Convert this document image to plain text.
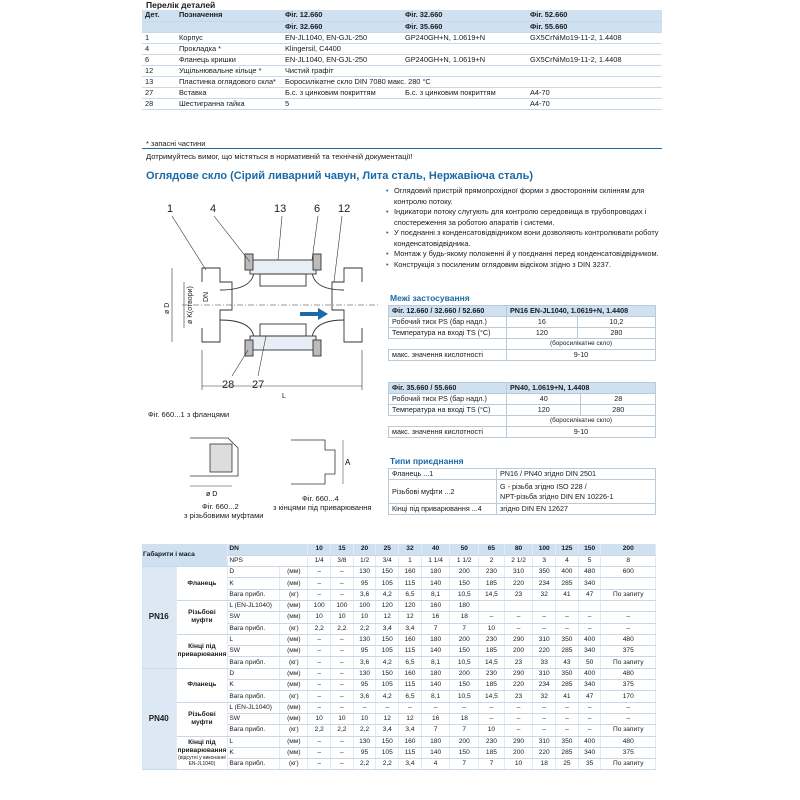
Перелік деталей
Дет.	Позначення	Фіг. 12.660	Фіг. 32.660	Фіг. 52.660
		Фіг. 32.660	Фіг. 35.660	Фіг. 55.660
1	Корпус	EN-JL1040, EN-GJL-250	GP240GH+N, 1.0619+N	GX5CrNiMo19-11-2, 1.4408
4	Прокладка *	Klingersil, C4400		
6	Фланець кришки	EN-JL1040, EN-GJL-250	GP240GH+N, 1.0619+N	GX5CrNiMo19-11-2, 1.4408
12	Ущільнювальне кільце *	Чистий графіт		
13	Пластинка оглядового скла*	Боросилікатне скло DIN 7080 макс. 280 °C		
27	Вставка	Б.с. з цинковим покриттям	Б.с. з цинковим покриттям	A4-70
28	Шестигранна гайка	5		A4-70
* запасні частини
Дотримуйтесь вимог, що містяться в нормативній та технічній документації!
Оглядове скло (Сірий ливарний чавун, Лита сталь, Нержавіюча сталь)
1	4	13	6 12
28 27
ø D ø K(отвори) DN
L
Фіг. 660...1 з фланцями
ø D
Фіг. 660...2
з різьбовими муфтами
A
Фіг. 660...4
з кінцями під приварювання
• Оглядовий пристрій прямопрохідної форми з двостороннім склінням для контролю потоку.
• Індикатори потоку слугують для контролю середовища в трубопроводах і спостереження за роботою апаратів і системи.
• У поєднанні з конденсатовідвідником вони дозволяють контролювати роботу конденсатовідвідника.
• Монтаж у будь-якому положенні й у поєднанні перед конденсатовідвідником.
• Конструкція з посиленим оглядовим відсіком згідно з DIN 3237.
Межі застосування
Фіг. 12.660 / 32.660 / 52.660	PN16 EN-JL1040, 1.0619+N, 1.4408	
Робочий тиск PS (бар надл.)	16	10,2
Температура на вході TS (°C)	120	280
	(боросилікатне скло)	
макс. значення кислотності	9-10	
Фіг. 35.660 / 55.660	PN40, 1.0619+N, 1.4408	
Робочий тиск PS (бар надл.)	40	28
Температура на вході TS (°C)	120	280
	(боросилікатне скло)	
макс. значення кислотності	9-10	
Типи приєднання
Фланець ...1	PN16 / PN40 згідно DIN 2501
Різьбові муфти ...2	G - різьба згідно ISO 228 /
NPT-різьба згідно DIN EN 10226-1

Кінці під приварювання ...4	згідно DIN EN 12627
Габарити і маса		DN		10	15	20	25	32	40	50	65	80	100	125	150	200
		NPS		1/4	3/8	1/2	3/4	1	1 1/4	1 1/2	2	2 1/2	3	4	5	8
PN16	Фланець	D	(мм)	–	–	130	150	160	180	200	230	310	350	400	480	600
		K	(мм)	–	–	95	105	115	140	150	185	220	234	285	340	
		Вага прибл.	(кг)	–	–	3,6	4,2	6,5	8,1	10,5	14,5	23	32	41	47	По запиту

	Різьбові муфти	L (EN-JL1040)	(мм)	100	100	100	120	120	160	180						
		SW	(мм)	10	10	10	12	12	16	18	–	–	–	–	–	–
		Вага прибл.	(кг)	2,2	2,2	2,2	3,4	3,4	7	7	10	–	–	–	–	–

	Кінці під приварювання	L	(мм)	–	–	130	150	160	180	200	230	290	310	350	400	480
		SW	(мм)	–	–	95	105	115	140	150	185	200	220	285	340	375
		Вага прибл.	(кг)	–	–	3,6	4,2	6,5	8,1	10,5	14,5	23	33	43	50	По запиту
PN40	Фланець	D	(мм)	–	–	130	150	160	180	200	230	290	310	350	400	480
		K	(мм)	–	–	95	105	115	140	150	185	220	234	285	340	375
		Вага прибл.	(кг)	–	–	3,6	4,2	6,5	8,1	10,5	14,5	23	32	41	47	170

	Різьбові муфти	L (EN-JL1040)	(мм)	–	–	–	–	–	–	–	–	–	–	–	–	–
		SW	(мм)	10	10	10	12	12	16	18	–	–	–	–	–	–
		Вага прибл.	(кг)	2,2	2,2	2,2	3,4	3,4	7	7	10	–	–	–	–	По запиту

	Кінці під приварювання
(відсутні у виконанні EN-JL1040)	L	(мм)	–	–	130	150	160	180	200	230	290	310	350	400	480
		K	(мм)	–	–	95	105	115	140	150	185	200	220	285	340	375
		Вага прибл.	(кг)	–	–	2,2	2,2	3,4	4	7	7	10	18	25	35	По запиту
